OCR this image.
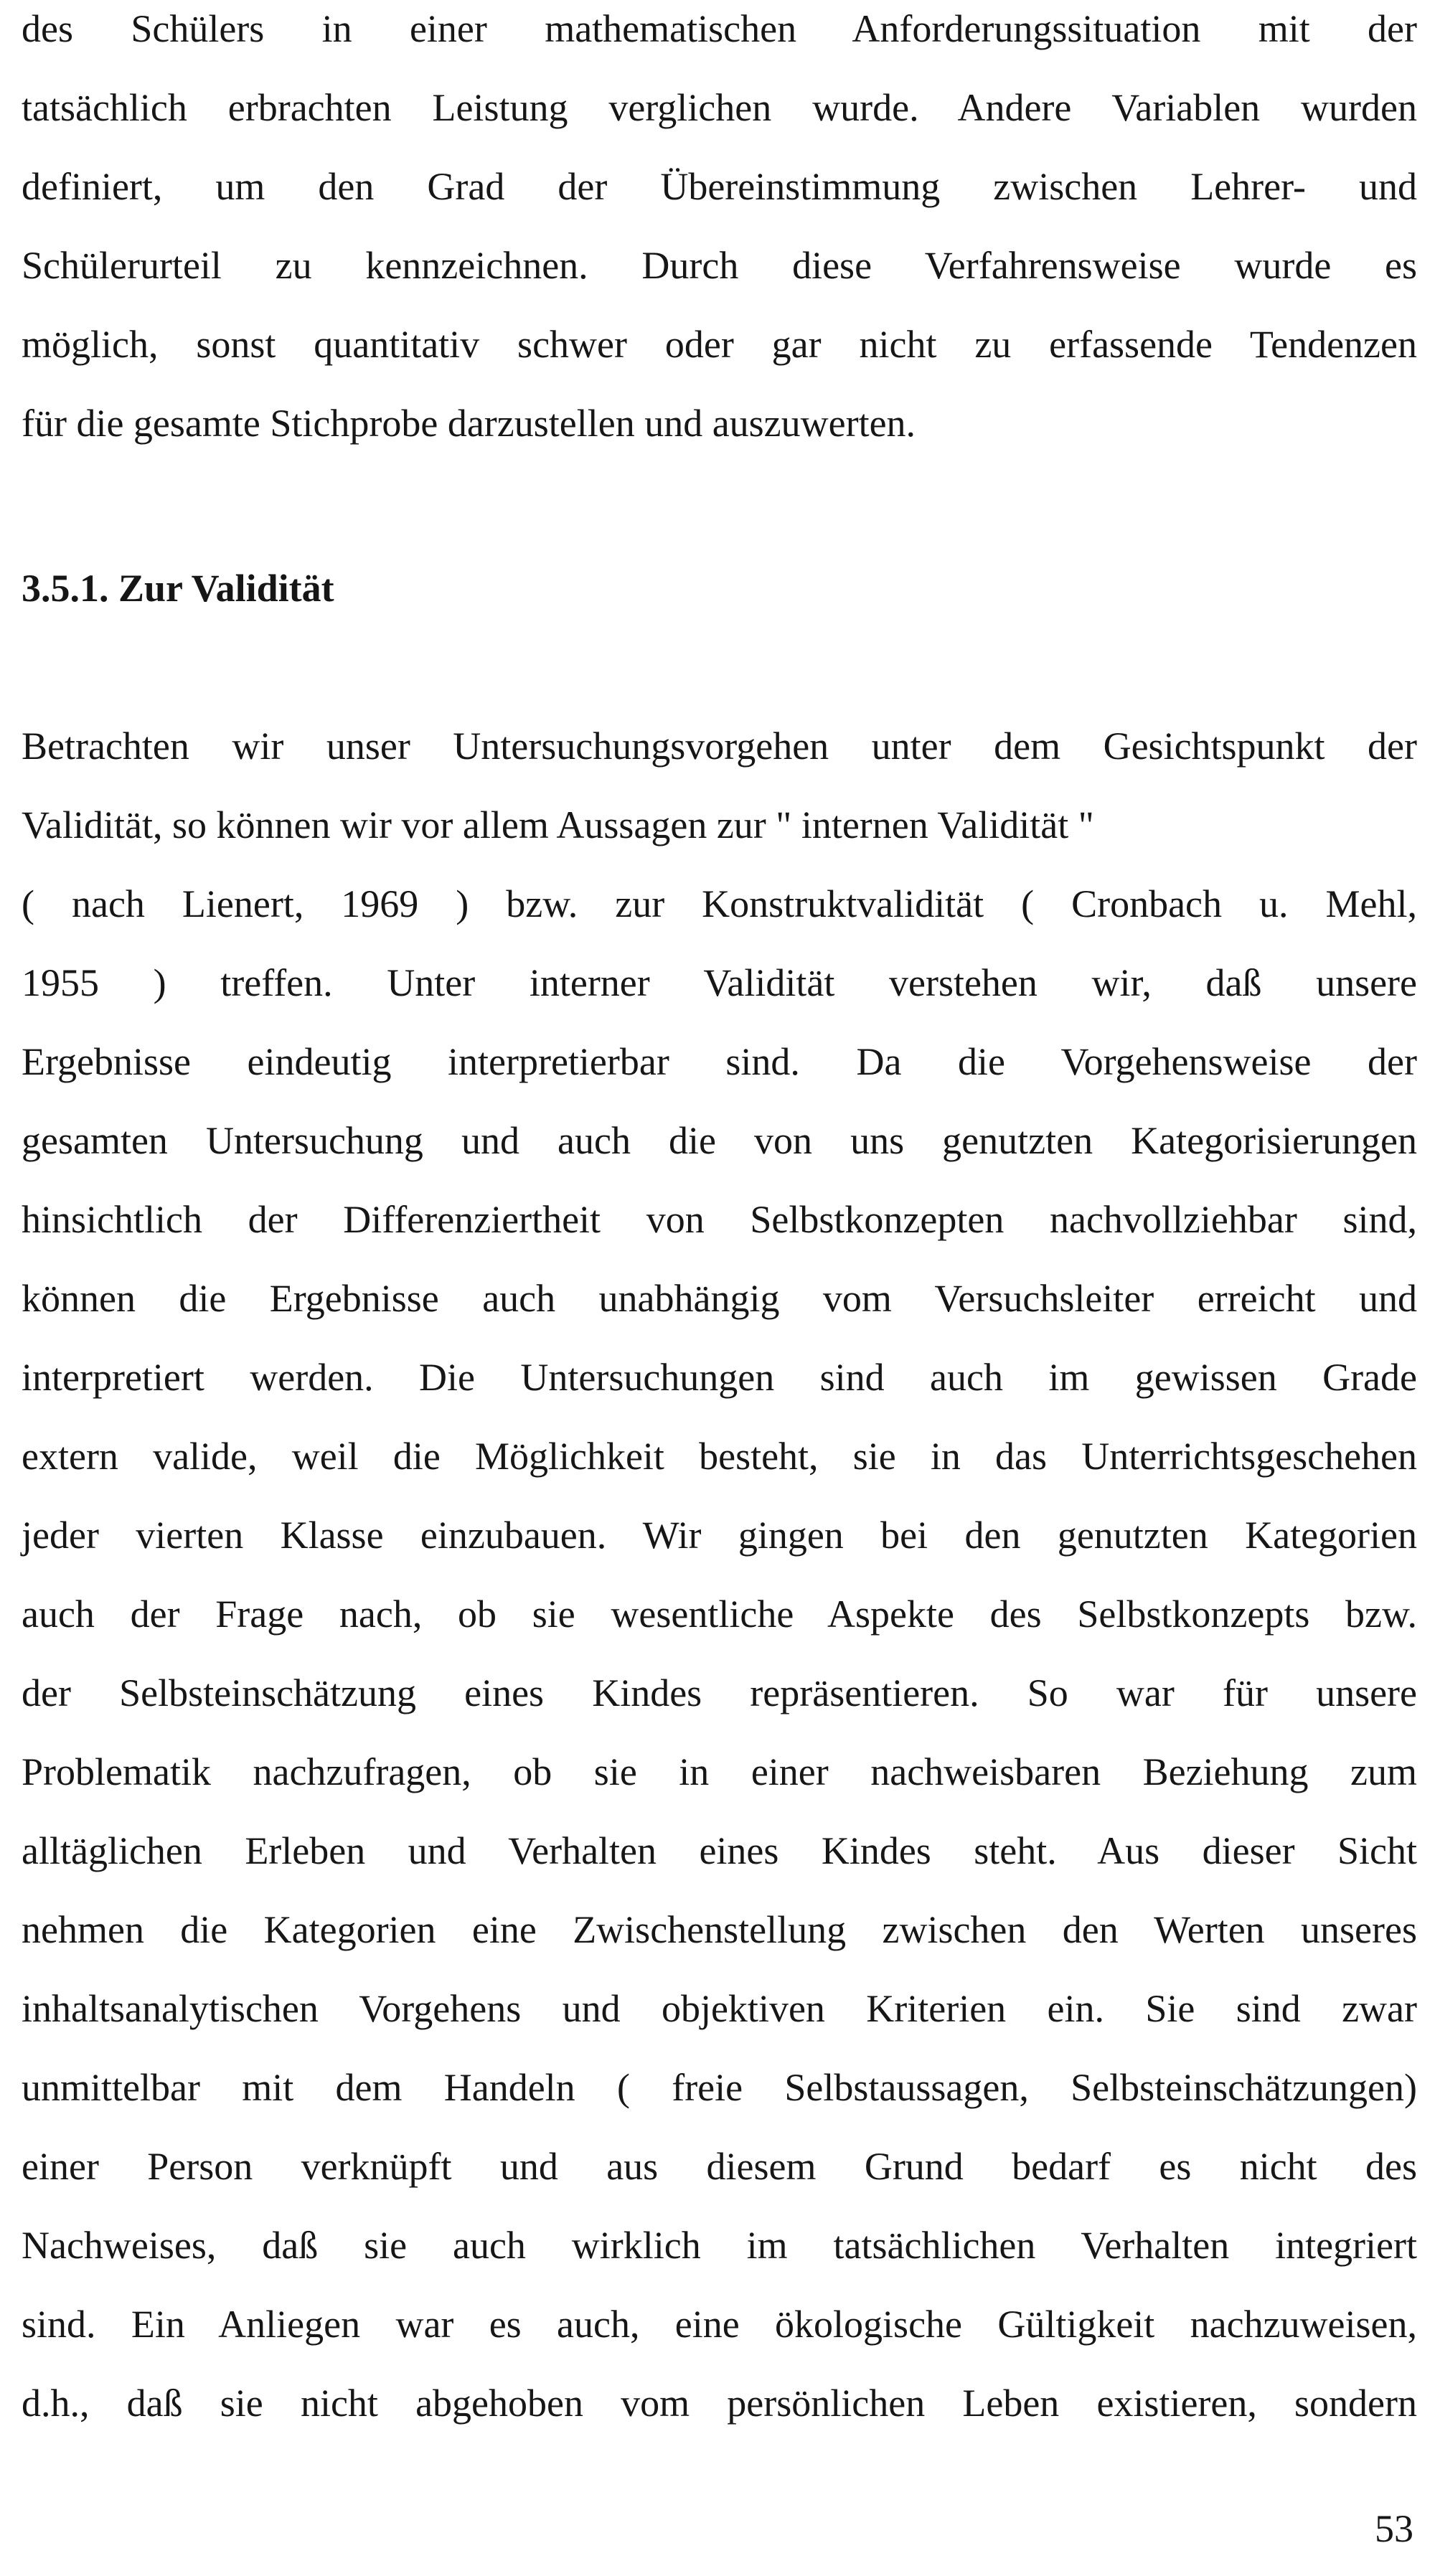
des Schülers in einer mathematischen Anforderungssituation mit der
tatsächlich erbrachten Leistung verglichen wurde. Andere Variablen wurden
definiert, um den Grad der Übereinstimmung zwischen Lehrer- und
Schülerurteil zu kennzeichnen. Durch diese Verfahrensweise wurde es
möglich, sonst quantitativ schwer oder gar nicht zu erfassende Tendenzen
für die gesamte Stichprobe darzustellen und auszuwerten.
3.5.1. Zur Validität
Betrachten wir unser Untersuchungsvorgehen unter dem Gesichtspunkt der
Validität, so können wir vor allem Aussagen zur " internen Validität "
( nach Lienert, 1969 ) bzw. zur Konstruktvalidität ( Cronbach u. Mehl,
1955 ) treffen. Unter interner Validität verstehen wir, daß unsere
Ergebnisse eindeutig interpretierbar sind. Da die Vorgehensweise der
gesamten Untersuchung und auch die von uns genutzten Kategorisierungen
hinsichtlich der Differenziertheit von Selbstkonzepten nachvollziehbar sind,
können die Ergebnisse auch unabhängig vom Versuchsleiter erreicht und
interpretiert werden. Die Untersuchungen sind auch im gewissen Grade
extern valide, weil die Möglichkeit besteht, sie in das Unterrichtsgeschehen
jeder vierten Klasse einzubauen. Wir gingen bei den genutzten Kategorien
auch der Frage nach, ob sie wesentliche Aspekte des Selbstkonzepts bzw.
der Selbsteinschätzung eines Kindes repräsentieren. So war für unsere
Problematik nachzufragen, ob sie in einer nachweisbaren Beziehung zum
alltäglichen Erleben und Verhalten eines Kindes steht. Aus dieser Sicht
nehmen die Kategorien eine Zwischenstellung zwischen den Werten unseres
inhaltsanalytischen Vorgehens und objektiven Kriterien ein. Sie sind zwar
unmittelbar mit dem Handeln ( freie Selbstaussagen, Selbsteinschätzungen)
einer Person verknüpft und aus diesem Grund bedarf es nicht des
Nachweises, daß sie auch wirklich im tatsächlichen Verhalten integriert
sind. Ein Anliegen war es auch, eine ökologische Gültigkeit nachzuweisen,
d.h., daß sie nicht abgehoben vom persönlichen Leben existieren, sondern
53
